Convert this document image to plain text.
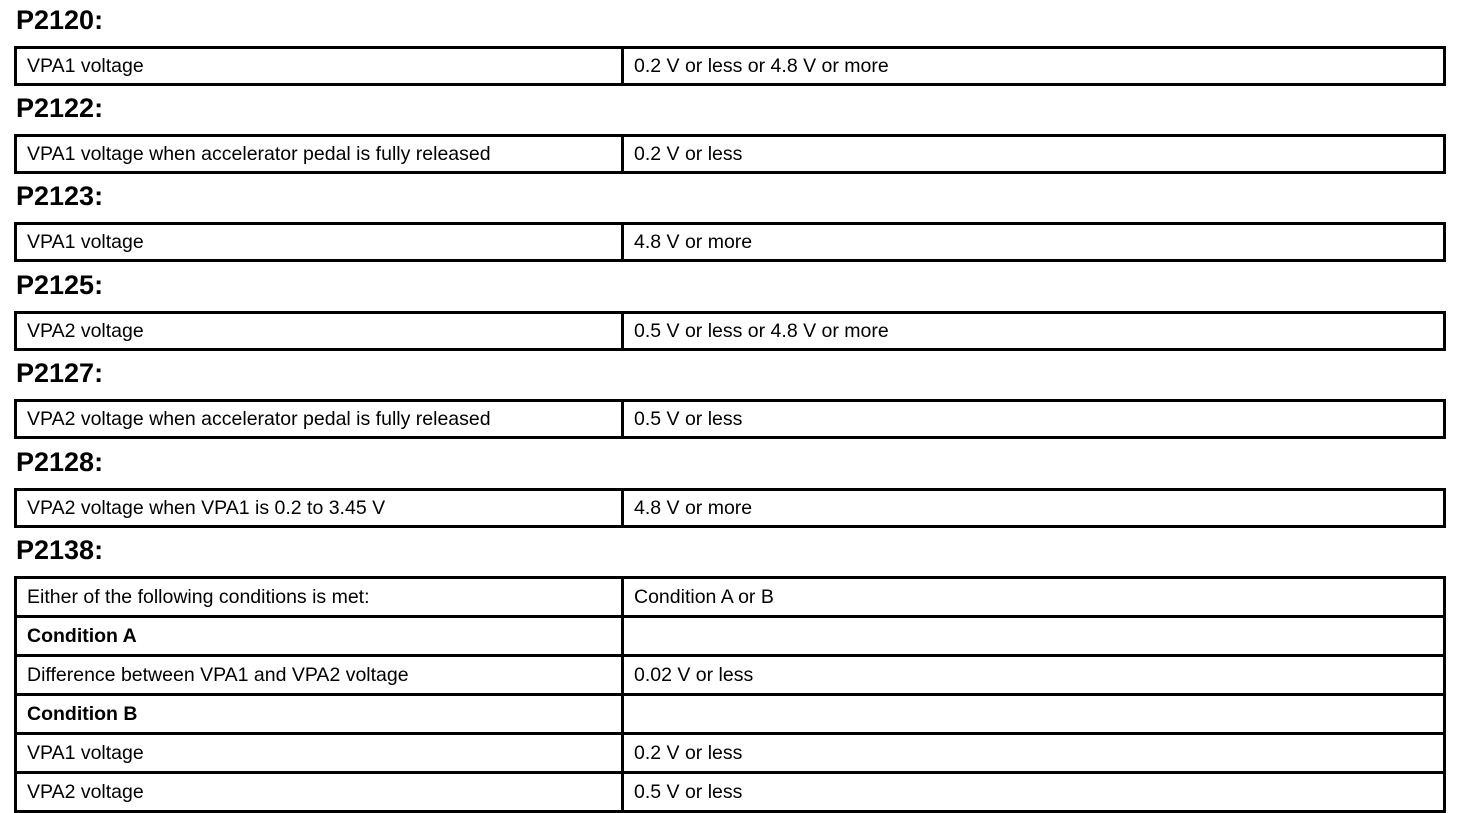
P2120:
VPA1 voltage	0.2 V or less or 4.8 V or more
P2122:
VPA1 voltage when accelerator pedal is fully released	0.2 V or less
P2123:
VPA1 voltage	4.8 V or more
P2125:
VPA2 voltage	0.5 V or less or 4.8 V or more
P2127:
VPA2 voltage when accelerator pedal is fully released	0.5 V or less
P2128:
VPA2 voltage when VPA1 is 0.2 to 3.45 V	4.8 V or more
P2138:
Either of the following conditions is met:	Condition A or B
Condition A	
Difference between VPA1 and VPA2 voltage	0.02 V or less
Condition B	
VPA1 voltage	0.2 V or less
VPA2 voltage	0.5 V or less
